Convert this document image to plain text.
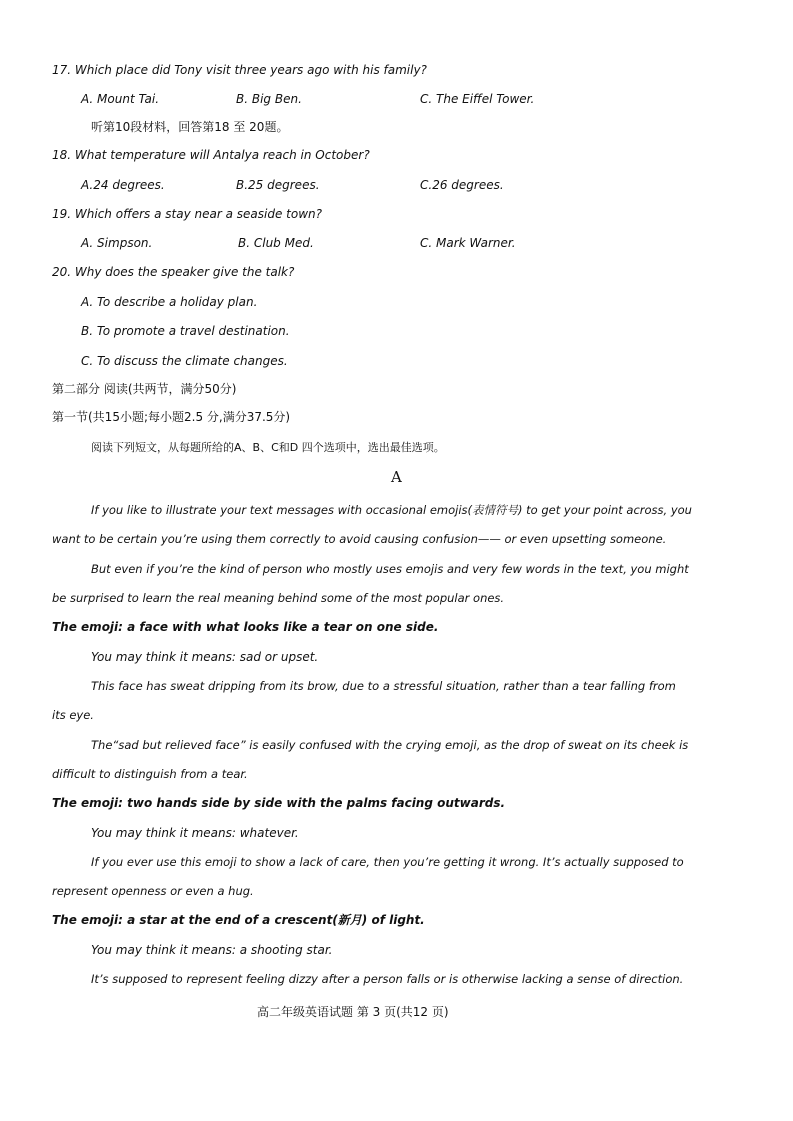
17. Which place did Tony visit three years ago with his family?
A. Mount Tai.	B. Big Ben.	C. The Eiffel Tower.
听第10段材料，回答第18 至 20题。
18. What temperature will Antalya reach in October?
A.24 degrees.	B.25 degrees.	C.26 degrees.
19. Which offers a stay near a seaside town?
A. Simpson.	B. Club Med.	C. Mark Warner.
20. Why does the speaker give the talk?
A. To describe a holiday plan.
B. To promote a travel destination.
C. To discuss the climate changes.
第二部分 阅读(共两节，满分50分)
第一节(共15小题;每小题2.5 分,满分37.5分)
阅读下列短文，从每题所给的A、B、C和D 四个选项中，选出最佳选项。
A
If you like to illustrate your text messages with occasional emojis(表情符号) to get your point across, you
want to be certain you’re using them correctly to avoid causing confusion—— or even upsetting someone.
But even if you’re the kind of person who mostly uses emojis and very few words in the text, you might
be surprised to learn the real meaning behind some of the most popular ones.
The emoji: a face with what looks like a tear on one side.
You may think it means: sad or upset.
This face has sweat dripping from its brow, due to a stressful situation, rather than a tear falling from
its eye.
The“sad but relieved face” is easily confused with the crying emoji, as the drop of sweat on its cheek is
difficult to distinguish from a tear.
The emoji: two hands side by side with the palms facing outwards.
You may think it means: whatever.
If you ever use this emoji to show a lack of care, then you’re getting it wrong. It’s actually supposed to
represent openness or even a hug.
The emoji: a star at the end of a crescent(新月) of light.
You may think it means: a shooting star.
It’s supposed to represent feeling dizzy after a person falls or is otherwise lacking a sense of direction.
高二年级英语试题 第 3 页(共12 页)
